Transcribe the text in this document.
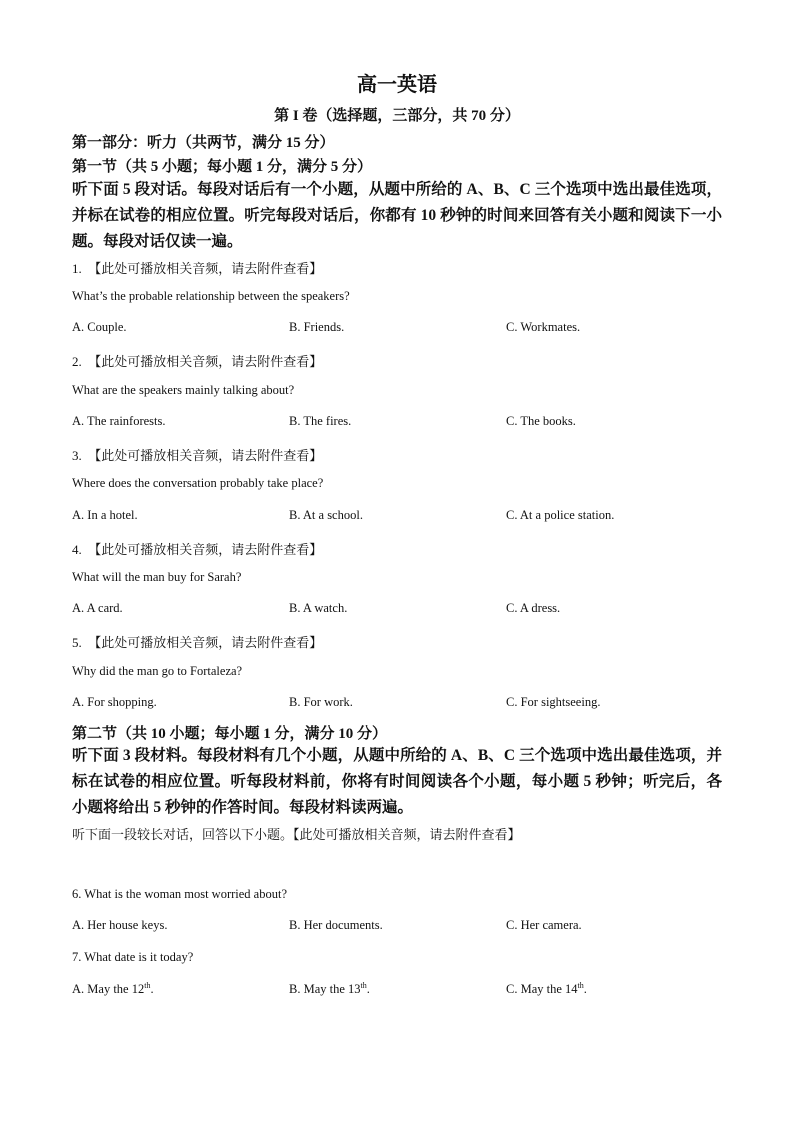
高一英语
第 I 卷（选择题，三部分，共 70 分）
第一部分：听力（共两节，满分 15 分）
第一节（共 5 小题；每小题 1 分，满分 5 分）
听下面 5 段对话。每段对话后有一个小题，从题中所给的 A、B、C 三个选项中选出最佳选项，并标在试卷的相应位置。听完每段对话后，你都有 10 秒钟的时间来回答有关小题和阅读下一小题。每段对话仅读一遍。
1. 【此处可播放相关音频，请去附件查看】
What’s the probable relationship between the speakers?
A. Couple.	B. Friends.	C. Workmates.
2. 【此处可播放相关音频，请去附件查看】
What are the speakers mainly talking about?
A. The rainforests.	B. The fires.	C. The books.
3. 【此处可播放相关音频，请去附件查看】
Where does the conversation probably take place?
A. In a hotel.	B. At a school.	C. At a police station.
4. 【此处可播放相关音频，请去附件查看】
What will the man buy for Sarah?
A. A card.	B. A watch.	C. A dress.
5. 【此处可播放相关音频，请去附件查看】
Why did the man go to Fortaleza?
A. For shopping.	B. For work.	C. For sightseeing.
第二节（共 10 小题；每小题 1 分，满分 10 分）
听下面 3 段材料。每段材料有几个小题，从题中所给的 A、B、C 三个选项中选出最佳选项，并标在试卷的相应位置。听每段材料前，你将有时间阅读各个小题，每小题 5 秒钟；听完后，各小题将给出 5 秒钟的作答时间。每段材料读两遍。
听下面一段较长对话，回答以下小题。【此处可播放相关音频，请去附件查看】
6. What is the woman most worried about?
A. Her house keys.	B. Her documents.	C. Her camera.
7. What date is it today?
A. May the 12th.	B. May the 13th.	C. May the 14th.
